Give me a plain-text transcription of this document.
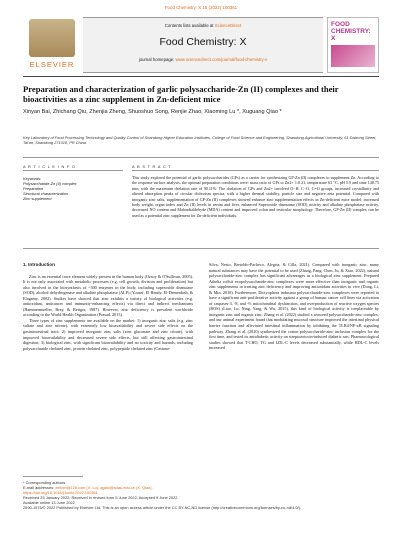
Food Chemistry: X 15 (2022) 100361
ELSEVIER
Contents lists available at ScienceDirect
Food Chemistry: X
journal homepage: www.sciencedirect.com/journal/food-chemistry-x
FOOD CHEMISTRY: X
Preparation and characterization of garlic polysaccharide-Zn (II) complexes and their bioactivities as a zinc supplement in Zn-deficient mice
Xinyan Bai, Zhichang Qiu, Zhenjia Zheng, Shuoshuo Song, Renjie Zhao, Xiaoming Lu *, Xuguang Qiao *
Key Laboratory of Food Processing Technology and Quality Control of Shandong Higher Education Institutes, College of Food Science and Engineering, Shandong Agricultural University, 61 Daizong Street, Tai'an, Shandong 271018, PR China
A R T I C L E I N F O
Keywords:
Polysaccharide-Zn (II) complex
Preparation
Structural characterization
Zinc supplement
A B S T R A C T
This study explored the potential of garlic polysaccharides (GPs) as a carrier for synthesizing GP-Zn (II) complexes to supplement Zn. According to the response surface analysis, the optimal preparation conditions were: mass ratio of GPs to Zn2+ 1:0.21, temperature 63 °C, pH 5.9 and time 148.75 min, with the maximum chelation rate of 90.11%. The chelation of GPs and Zn2+ involved O−H, C−O, C=O groups, increased crystallinity and altered absorption peaks of circular dichroism spectra, with a higher thermal stability, particle size and negative zeta potential. Compared with inorganic zinc salts, supplementation of GP-Zn (II) complexes showed enhance zinc supplementation effects in Zn-deficient mice model: increased body weight, organ index and Zn (II) levels in serum and liver, enhanced Superoxide dismutase (SOD) activity and alkaline phosphatase activity, decreased NO content and Malondialdehyde (MDA) content and improved colon and testicular morphology. Therefore, GP-Zn (II) complex can be used as a potential zinc supplement for Zn-deficient individuals.
1. Introduction

Zinc is an essential trace element widely present in the human body (Ozsoy & O'Sullivan, 2005). It is not only associated with metabolic processes (e.g. cell growth, division and proliferation) but also involved in the biosynthesis of ~300 enzymes in the body, including superoxide dismutase (SOD), alcohol dehydrogenase and alkaline phosphatase (ALP) (Yousef, El Hendy, El-Demerdash, & Elagamy, 2002). Studies have showed that zinc exhibits a variety of biological activities (e.g. antioxidant, anticancer and immunity-enhancing effects) via direct and indirect mechanisms (Hammermueller, Bray, & Bettger, 1987). However, zinc deficiency is prevalent worldwide according to the World Health Organization (Prasad, 2013).

Three types of zinc supplements are available on the market: 1) inorganic zinc salts (e.g. zinc sulfate and zinc nitrate), with extremely low bioavailability and severe side effects on the gastrointestinal tract; 2) improved inorganic zinc salts (zinc gluconate and zinc citrate), with improved bioavailability and decreased severe side effects, but still affecting gastrointestinal digestion; 3) biological zinc, with significant bioavailability and no toxicity and hazards, including polysaccharide chelated zinc, protein chelated zinc, polypeptide chelated zinc (Castano-

Silva, Nesto, Bertoldo-Pacheco, Alegria, & Cilla, 2021). Compared with inorganic zinc, many natural substances may have the potential to be used (Zhang, Pang, Chen, Ju, & Xiao, 2022), natural polysaccharide-zinc complex has significant advantages as a biological zinc supplement. Prepared Athelia rolfsii exopolysaccharide-zinc complexes were more effective than inorganic and organic zinc supplements in treating zinc deficiency and improving antioxidant activities in vive (Dong, Li, & Min, 2018). Furthermore, Dictyophora indusiata polysaccharide-zinc complexes were reported to have a significant anti-proliferative activity against a group of human cancer cell lines via activation of caspases-3, -8, and -9, mitochondrial dysfunction, and overproduction of reactive oxygen species (ROS) (Liao, Lu, Ning, Yang, & Wu, 2015), this kind of biological activity is irreplaceable by inorganic zinc and organic zinc. Zhang et al. (2022) studied a seaweed polysaccharide-zinc complex, and our animal experiment found that modulating mucosal structure improved the intestinal physical barrier function and alleviated intestinal inflammation by inhibiting the TLR4/NF-κB signaling pathway. Zhang et al. (2020) synthesized the cotton polysaccharide-zinc inclusion complex for the first time, and tested its antidiabetic activity on streptozotocin-induced diabetic rats. Pharmacological studies showed that T-CHO, TG and LDL-C levels decreased substantially, while HDL-C levels increased

* Corresponding authors.
E-mail addresses: xmlxm@126.com (X. Lu), qgiao@sdau.edu.cn (X. Qiao).
https://doi.org/10.1016/j.fochx.2022.100361
Received 25 January 2022; Received in revised form 5 June 2022; Accepted 9 June 2022
Available online 13 June 2022
2590-1575/© 2022 Published by Elsevier Ltd. This is an open access article under the CC BY-NC-ND license (http://creativecommons.org/licenses/by-nc-nd/4.0/).
